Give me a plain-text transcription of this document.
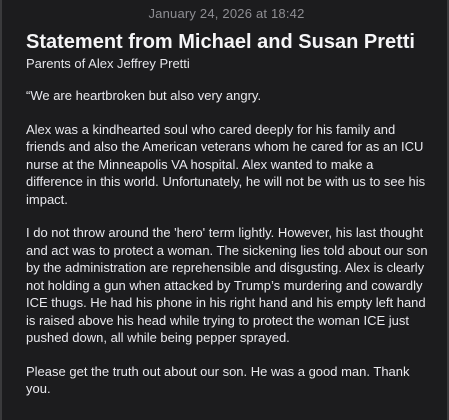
January 24, 2026 at 18:42
Statement from Michael and Susan Pretti

Parents of Alex Jeffrey Pretti

“We are heartbroken but also very angry.

Alex was a kindhearted soul who cared deeply for his family and friends and also the American veterans whom he cared for as an ICU nurse at the Minneapolis VA hospital. Alex wanted to make a difference in this world. Unfortunately, he will not be with us to see his impact.

I do not throw around the 'hero' term lightly. However, his last thought and act was to protect a woman. The sickening lies told about our son by the administration are reprehensible and disgusting. Alex is clearly not holding a gun when attacked by Trump’s murdering and cowardly ICE thugs. He had his phone in his right hand and his empty left hand is raised above his head while trying to protect the woman ICE just pushed down, all while being pepper sprayed.

Please get the truth out about our son. He was a good man. Thank you.
